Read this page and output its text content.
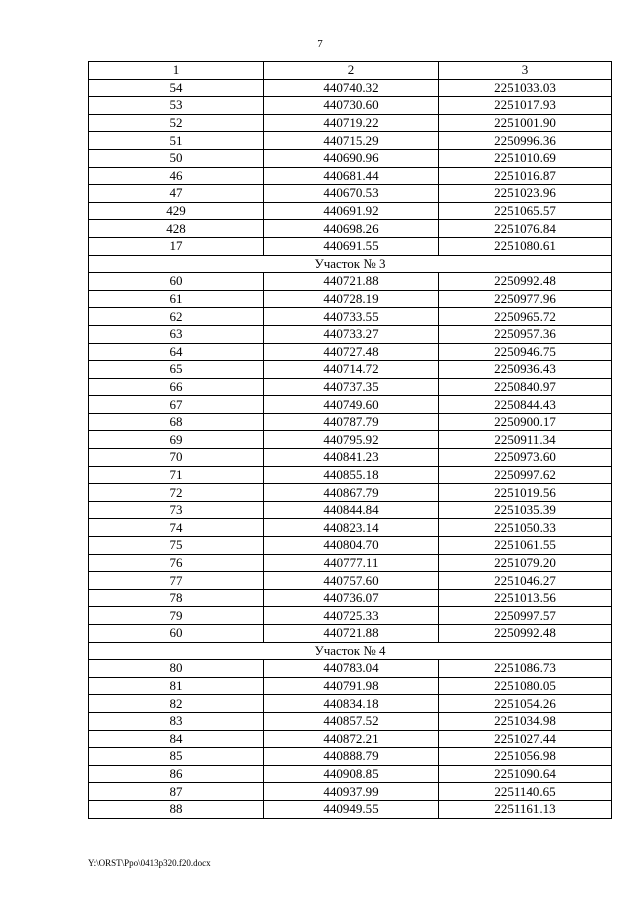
7
1	2	3
54	440740.32	2251033.03
53	440730.60	2251017.93
52	440719.22	2251001.90
51	440715.29	2250996.36
50	440690.96	2251010.69
46	440681.44	2251016.87
47	440670.53	2251023.96
429	440691.92	2251065.57
428	440698.26	2251076.84
17	440691.55	2251080.61
Участок № 3		
60	440721.88	2250992.48
61	440728.19	2250977.96
62	440733.55	2250965.72
63	440733.27	2250957.36
64	440727.48	2250946.75
65	440714.72	2250936.43
66	440737.35	2250840.97
67	440749.60	2250844.43
68	440787.79	2250900.17
69	440795.92	2250911.34
70	440841.23	2250973.60
71	440855.18	2250997.62
72	440867.79	2251019.56
73	440844.84	2251035.39
74	440823.14	2251050.33
75	440804.70	2251061.55
76	440777.11	2251079.20
77	440757.60	2251046.27
78	440736.07	2251013.56
79	440725.33	2250997.57
60	440721.88	2250992.48
Участок № 4		
80	440783.04	2251086.73
81	440791.98	2251080.05
82	440834.18	2251054.26
83	440857.52	2251034.98
84	440872.21	2251027.44
85	440888.79	2251056.98
86	440908.85	2251090.64
87	440937.99	2251140.65
88	440949.55	2251161.13
Y:\ORST\Ppo\0413p320.f20.docx
